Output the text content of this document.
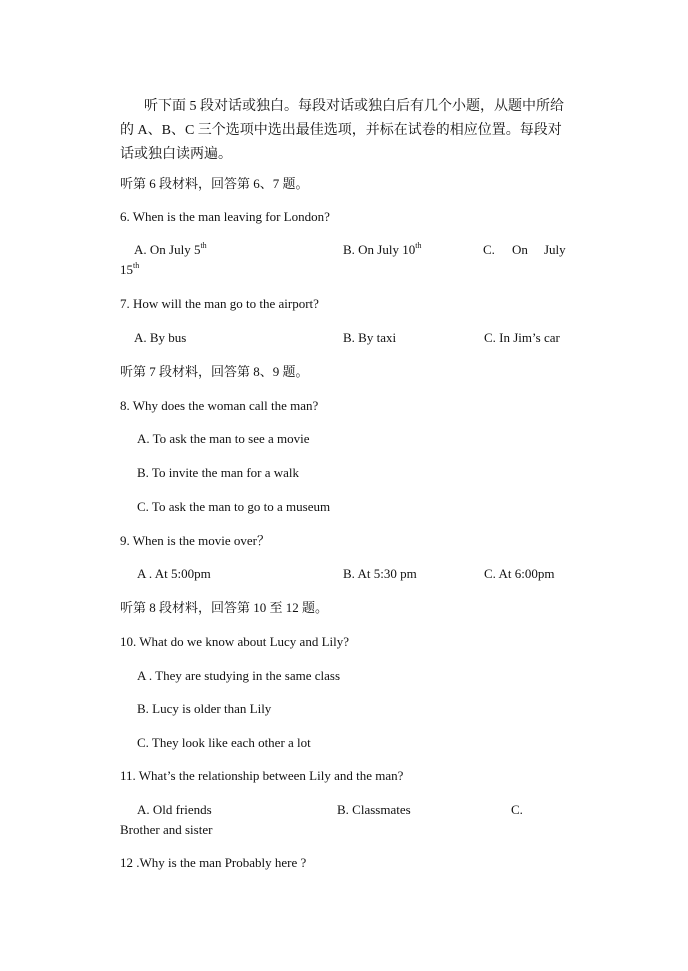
听下面 5 段对话或独白。每段对话或独白后有几个小题，从题中所给的 A、B、C 三个选项中选出最佳选项，并标在试卷的相应位置。每段对话或独白读两遍。
听第 6 段材料，回答第 6、7 题。
6. When is the man leaving for London?
A. On July 5th	B. On July 10th	C. On July
15th
7. How will the man go to the airport?
A. By bus	B. By taxi	C. In Jim’s car
听第 7 段材料，回答第 8、9 题。
8. Why does the woman call the man?
A. To ask the man to see a movie
B. To invite the man for a walk
C. To ask the man to go to a museum
9. When is the movie over？
A . At 5:00pm	B. At 5:30 pm	C. At 6:00pm
听第 8 段材料，回答第 10 至 12 题。
10. What do we know about Lucy and Lily?
A . They are studying in the same class
B. Lucy is older than Lily
C. They look like each other a lot
11. What’s the relationship between Lily and the man?
A. Old friends	B. Classmates	C.
Brother and sister
12 .Why is the man Probably here ?
